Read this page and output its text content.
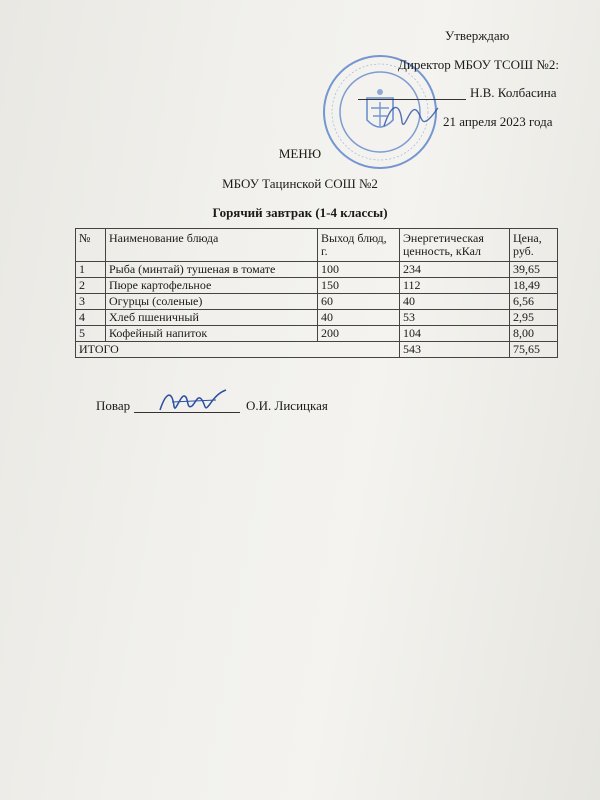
Утверждаю
Директор МБОУ ТСОШ №2:
Н.В. Колбасина
21 апреля 2023 года
МЕНЮ
МБОУ Тацинской СОШ №2
Горячий завтрак (1-4 классы)
№	Наименование блюда	Выход блюд, г.	Энергетическая ценность, кКал	Цена, руб.
1	Рыба (минтай) тушеная в томате	100	234	39,65
2	Пюре картофельное	150	112	18,49
3	Огурцы (соленые)	60	40	6,56
4	Хлеб пшеничный	40	53	2,95
5	Кофейный напиток	200	104	8,00
ИТОГО			543	75,65
Повар	О.И. Лисицкая
